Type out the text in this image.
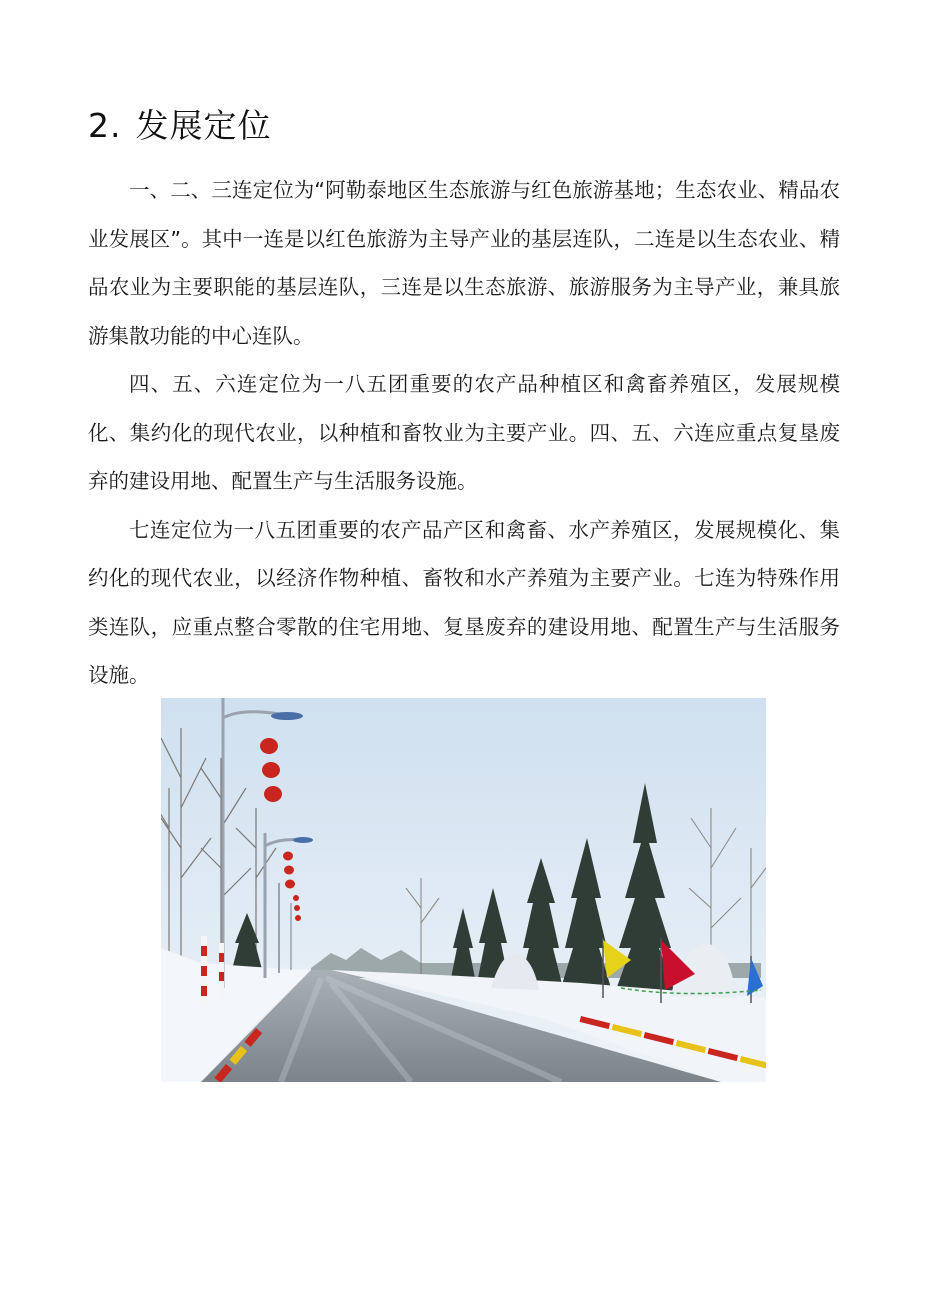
2. 发展定位

一、二、三连定位为“阿勒泰地区生态旅游与红色旅游基地；生态农业、精品农业发展区”。其中一连是以红色旅游为主导产业的基层连队，二连是以生态农业、精品农业为主要职能的基层连队，三连是以生态旅游、旅游服务为主导产业，兼具旅游集散功能的中心连队。

四、五、六连定位为一八五团重要的农产品种植区和禽畜养殖区，发展规模化、集约化的现代农业，以种植和畜牧业为主要产业。四、五、六连应重点复垦废弃的建设用地、配置生产与生活服务设施。

七连定位为一八五团重要的农产品产区和禽畜、水产养殖区，发展规模化、集约化的现代农业，以经济作物种植、畜牧和水产养殖为主要产业。七连为特殊作用类连队，应重点整合零散的住宅用地、复垦废弃的建设用地、配置生产与生活服务设施。
